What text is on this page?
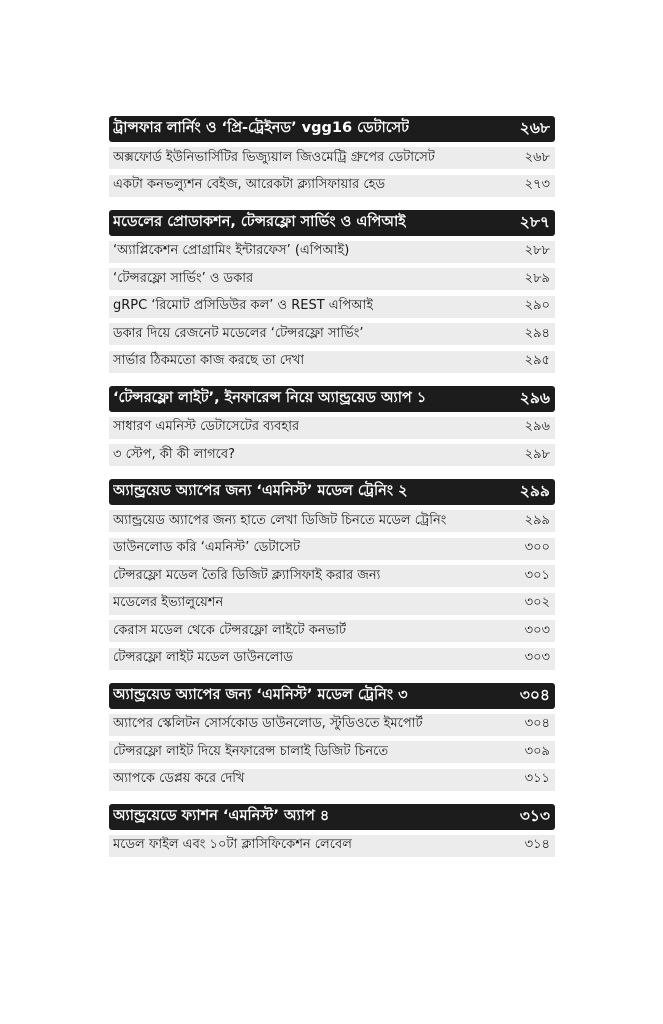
ট্রান্সফার লার্নিং ও ‘প্রি-ট্রেইনড’ vgg16 ডেটাসেট	২৬৮
অক্সফোর্ড ইউনিভার্সিটির ভিজ্যুয়াল জিওমেট্রি গ্রুপের ডেটাসেট	২৬৮
একটা কনভল্যুশন বেইজ, আরেকটা ক্ল্যাসিফায়ার হেড	২৭৩
মডেলের প্রোডাকশন, টেন্সরফ্লো সার্ভিং ও এপিআই	২৮৭
‘অ্যাপ্লিকেশন প্রোগ্রামিং ইন্টারফেস’ (এপিআই)	২৮৮
‘টেন্সরফ্লো সার্ভিং’ ও ডকার	২৮৯
gRPC ‘রিমোট প্রসিডিউর কল’ ও REST এপিআই	২৯০
ডকার দিয়ে রেজনেট মডেলের ‘টেন্সরফ্লো সার্ভিং’	২৯৪
সার্ভার ঠিকমতো কাজ করছে তা দেখা	২৯৫
‘টেন্সরফ্লো লাইট’, ইনফারেন্স নিয়ে অ্যান্ড্রয়েড অ্যাপ ১	২৯৬
সাধারণ এমনিস্ট ডেটাসেটের ব্যবহার	২৯৬
৩ স্টেপ, কী কী লাগবে?	২৯৮
অ্যান্ড্রয়েড অ্যাপের জন্য ‘এমনিস্ট’ মডেল ট্রেনিং ২	২৯৯
অ্যান্ড্রয়েড অ্যাপের জন্য হাতে লেখা ডিজিট চিনতে মডেল ট্রেনিং	২৯৯
ডাউনলোড করি ‘এমনিস্ট’ ডেটাসেট	৩০০
টেন্সরফ্লো মডেল তৈরি ডিজিট ক্ল্যাসিফাই করার জন্য	৩০১
মডেলের ইভ্যালুয়েশন	৩০২
কেরাস মডেল থেকে টেন্সরফ্লো লাইটে কনভার্ট	৩০৩
টেন্সরফ্লো লাইট মডেল ডাউনলোড	৩০৩
অ্যান্ড্রয়েড অ্যাপের জন্য ‘এমনিস্ট’ মডেল ট্রেনিং ৩	৩০৪
অ্যাপের স্কেলিটন সোর্সকোড ডাউনলোড, স্টুডিওতে ইমপোর্ট	৩০৪
টেন্সরফ্লো লাইট দিয়ে ইনফারেন্স চালাই ডিজিট চিনতে	৩০৯
অ্যাপকে ডেপ্লয় করে দেখি	৩১১
অ্যান্ড্রয়েডে ফ্যাশন ‘এমনিস্ট’ অ্যাপ ৪	৩১৩
মডেল ফাইল এবং ১০টা ক্লাসিফিকেশন লেবেল	৩১৪
